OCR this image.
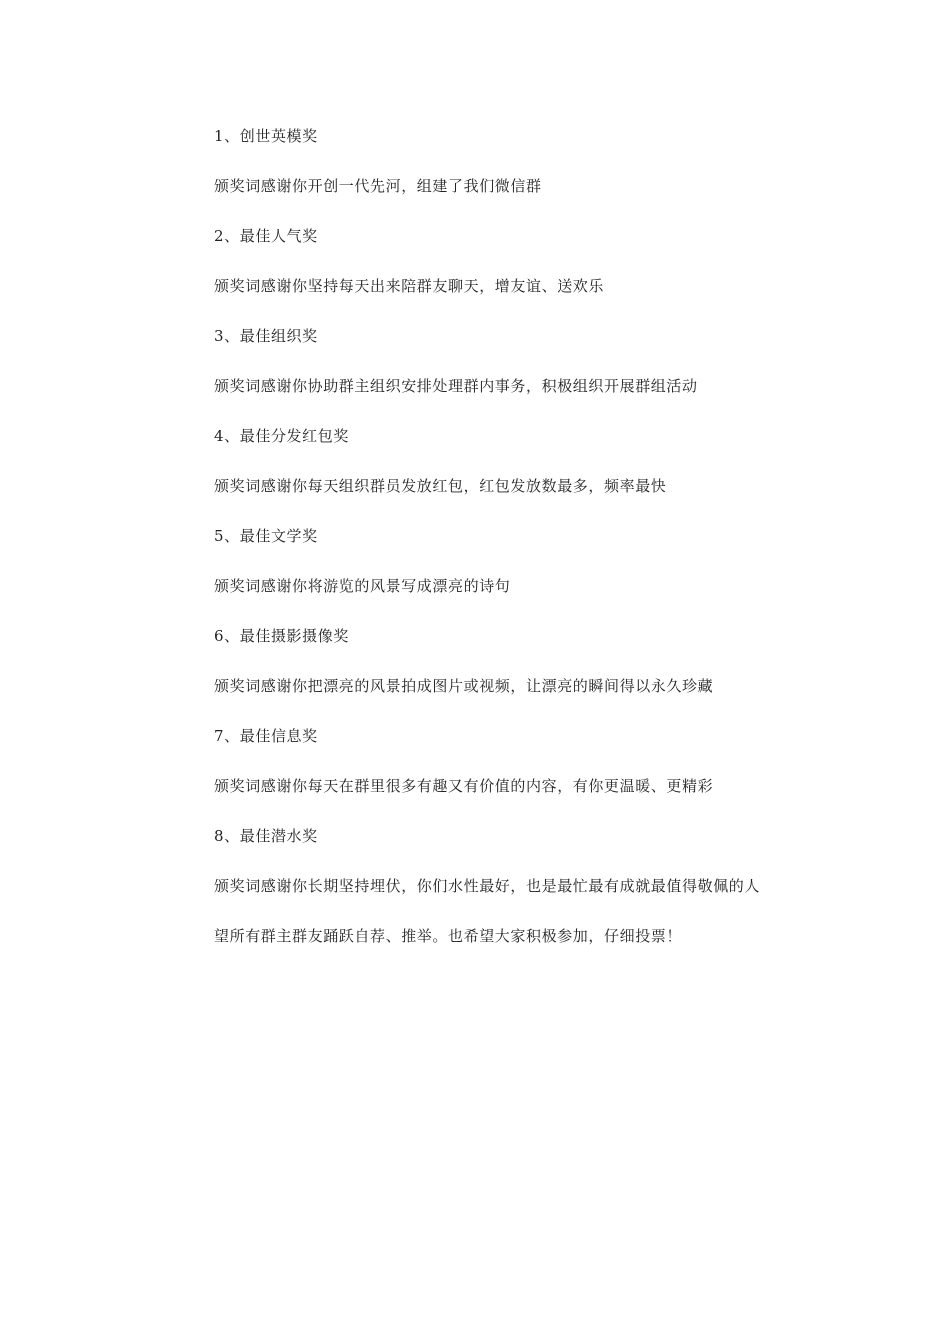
1、创世英模奖

颁奖词感谢你开创一代先河，组建了我们微信群

2、最佳人气奖

颁奖词感谢你坚持每天出来陪群友聊天，增友谊、送欢乐

3、最佳组织奖

颁奖词感谢你协助群主组织安排处理群内事务，积极组织开展群组活动

4、最佳分发红包奖

颁奖词感谢你每天组织群员发放红包，红包发放数最多，频率最快

5、最佳文学奖

颁奖词感谢你将游览的风景写成漂亮的诗句

6、最佳摄影摄像奖

颁奖词感谢你把漂亮的风景拍成图片或视频，让漂亮的瞬间得以永久珍藏

7、最佳信息奖

颁奖词感谢你每天在群里很多有趣又有价值的内容，有你更温暖、更精彩

8、最佳潜水奖

颁奖词感谢你长期坚持埋伏，你们水性最好，也是最忙最有成就最值得敬佩的人

望所有群主群友踊跃自荐、推举。也希望大家积极参加，仔细投票！
